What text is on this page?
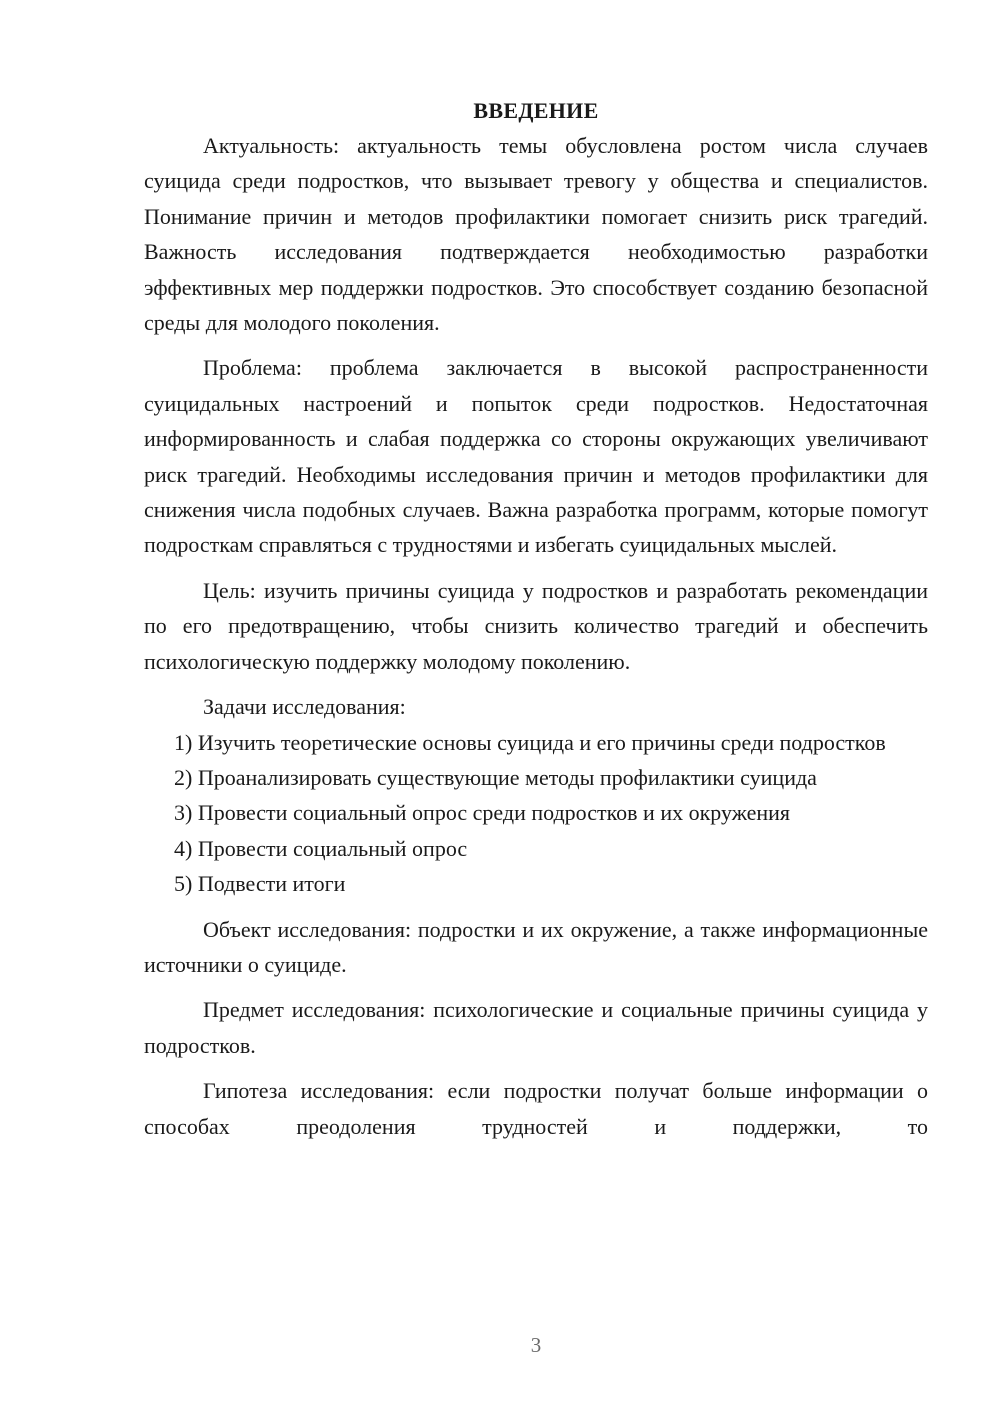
ВВЕДЕНИЕ

Актуальность: актуальность темы обусловлена ростом числа случаев суицида среди подростков, что вызывает тревогу у общества и специалистов. Понимание причин и методов профилактики помогает снизить риск трагедий. Важность исследования подтверждается необходимостью разработки эффективных мер поддержки подростков. Это способствует созданию безопасной среды для молодого поколения.

Проблема: проблема заключается в высокой распространенности суицидальных настроений и попыток среди подростков. Недостаточная информированность и слабая поддержка со стороны окружающих увеличивают риск трагедий. Необходимы исследования причин и методов профилактики для снижения числа подобных случаев. Важна разработка программ, которые помогут подросткам справляться с трудностями и избегать суицидальных мыслей.

Цель: изучить причины суицида у подростков и разработать рекомендации по его предотвращению, чтобы снизить количество трагедий и обеспечить психологическую поддержку молодому поколению.

Задачи исследования:

1) Изучить теоретические основы суицида и его причины среди подростков

2) Проанализировать существующие методы профилактики суицида

3) Провести социальный опрос среди подростков и их окружения

4) Провести социальный опрос

5) Подвести итоги

Объект исследования: подростки и их окружение, а также информационные источники о суициде.

Предмет исследования: психологические и социальные причины суицида у подростков.

Гипотеза исследования: если подростки получат больше информации о способах преодоления трудностей и поддержки, то

3
